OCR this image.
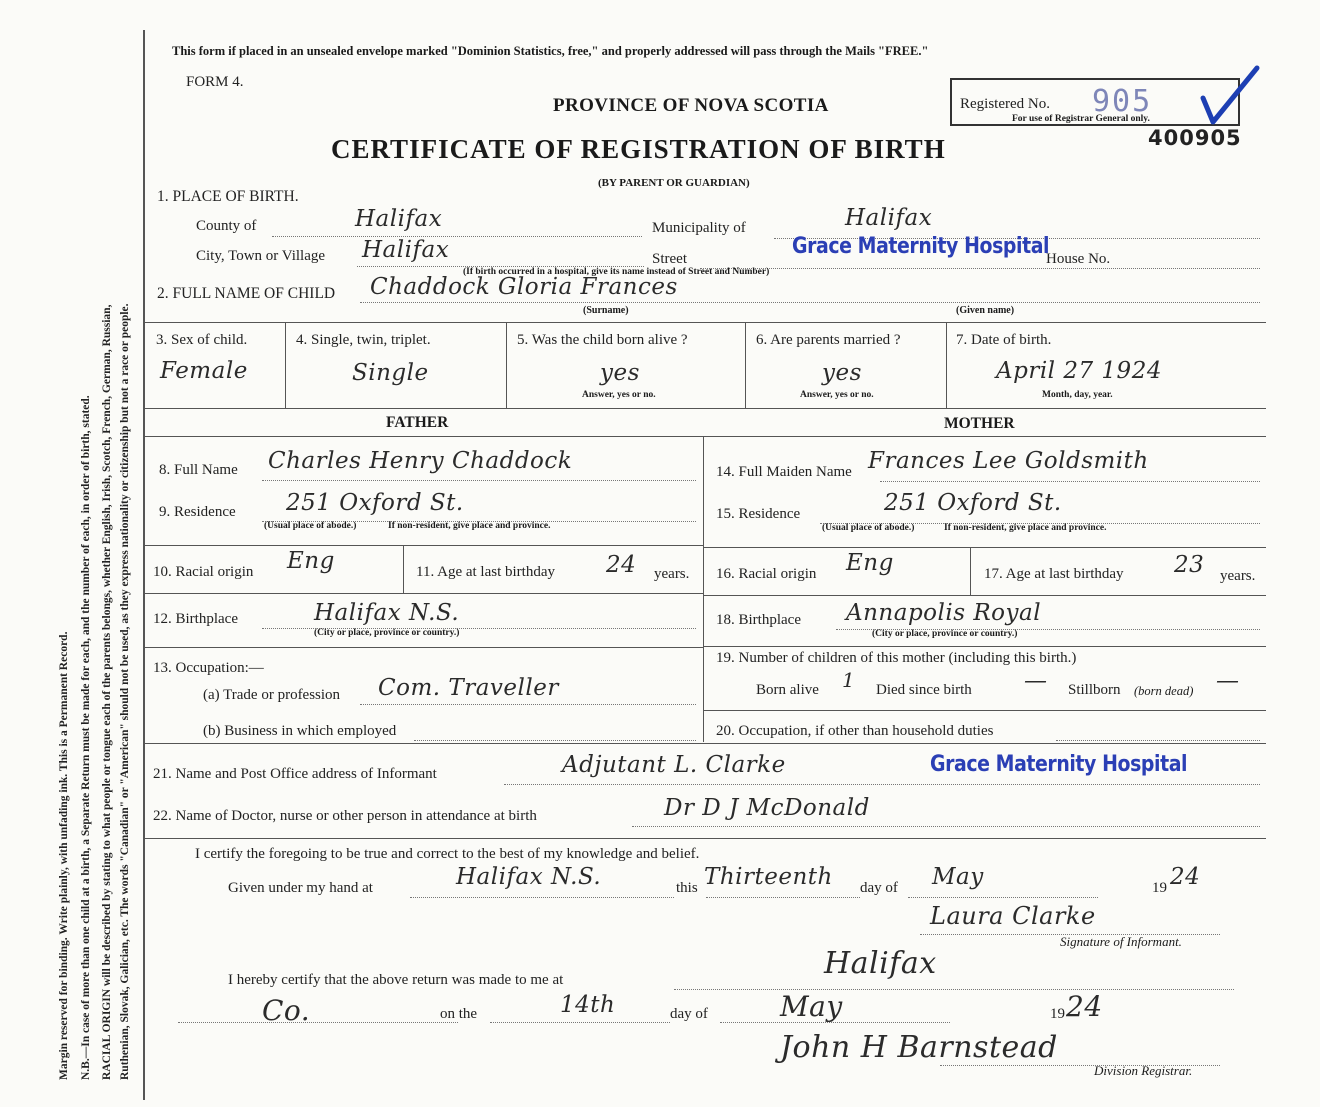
Margin reserved for binding. Write plainly, with unfading ink. This is a Permanent Record. N.B.—In case of more than one child at a birth, a Separate Return must be made for each, and the number of each, in order of birth, stated. RACIAL ORIGIN will be described by stating to what people or tongue each of the parents belongs, whether English, Irish, Scotch, French, German, Russian, Ruthenian, Slovak, Galician, etc. The words "Canadian" or "American" should not be used, as they express nationality or citizenship but not a race or people.
This form if placed in an unsealed envelope marked "Dominion Statistics, free," and properly addressed will pass through the Mails "FREE."
FORM 4.
PROVINCE OF NOVA SCOTIA
CERTIFICATE OF REGISTRATION OF BIRTH
(BY PARENT OR GUARDIAN)
Registered No. 905
For use of Registrar General only.
400905
1. PLACE OF BIRTH.
County of	Halifax	Municipality of	Halifax
City, Town or Village Halifax	Street	Grace Maternity Hospital
House No.
(If birth occurred in a hospital, give its name instead of Street and Number)
2. FULL NAME OF CHILD Chaddock Gloria Frances
(Surname)	(Given name)
3. Sex of child.
Female
4. Single, twin, triplet.
Single
5. Was the child born alive ?
yes
Answer, yes or no.
6. Are parents married ?
yes
Answer, yes or no.
7. Date of birth.
April 27 1924
Month, day, year.
FATHER	MOTHER
8. Full Name Charles Henry Chaddock
9. Residence 251 Oxford St.
(Usual place of abode.)	If non-resident, give place and province.
10. Racial origin Eng	11. Age at last birthday 24 years.
12. Birthplace	Halifax N.S.
(City or place, province or country.)
13. Occupation:—
(a) Trade or profession Com. Traveller
(b) Business in which employed
14. Full Maiden Name Frances Lee Goldsmith
15. Residence	251 Oxford St.
(Usual place of abode.)	If non-resident, give place and province.
16. Racial origin Eng	17. Age at last birthday 23 years.
18. Birthplace Annapolis Royal
(City or place, province or country.)
19. Number of children of this mother (including this birth.)
Born alive 1 Died since birth — Stillborn (born dead) —
20. Occupation, if other than household duties
21. Name and Post Office address of Informant	Adjutant L. Clarke	Grace Maternity Hospital
22. Name of Doctor, nurse or other person in attendance at birth	Dr D J McDonald
I certify the foregoing to be true and correct to the best of my knowledge and belief.
Given under my hand at	Halifax N.S.	this Thirteenth day of May	19 24
Laura Clarke
Signature of Informant.
I hereby certify that the above return was made to me at	Halifax
Co.	on the	14th	day of	May	19 24
John H Barnstead
Division Registrar.
